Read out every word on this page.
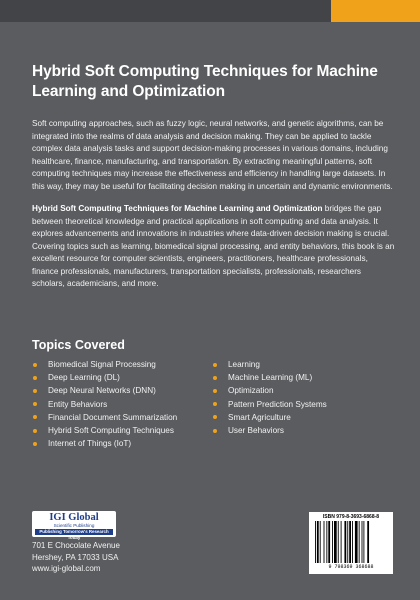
Hybrid Soft Computing Techniques for Machine Learning and Optimization

Soft computing approaches, such as fuzzy logic, neural networks, and genetic algorithms, can be integrated into the realms of data analysis and decision making. They can be applied to tackle complex data analysis tasks and support decision-making processes in various domains, including healthcare, finance, manufacturing, and transportation. By extracting meaningful patterns, soft computing techniques may increase the effectiveness and efficiency in handling large datasets. In this way, they may be useful for facilitating decision making in uncertain and dynamic environments.

Hybrid Soft Computing Techniques for Machine Learning and Optimization bridges the gap between theoretical knowledge and practical applications in soft computing and data analysis. It explores advancements and innovations in industries where data-driven decision making is crucial. Covering topics such as learning, biomedical signal processing, and entity behaviors, this book is an excellent resource for computer scientists, engineers, practitioners, healthcare professionals, finance professionals, manufacturers, transportation specialists, professionals, researchers scholars, academicians, and more.

Topics Covered
Biomedical Signal Processing
Deep Learning (DL)
Deep Neural Networks (DNN)
Entity Behaviors
Financial Document Summarization
Hybrid Soft Computing Techniques
Internet of Things (IoT)
Learning
Machine Learning (ML)
Optimization
Pattern Prediction Systems
Smart Agriculture
User Behaviors
IGI Global
Scientific Publishing
Publishing Tomorrow's Research Today
701 E Chocolate Avenue
Hershey, PA 17033 USA
www.igi-global.com
ISBN 979-8-3693-6868-8
9 798369 368688
